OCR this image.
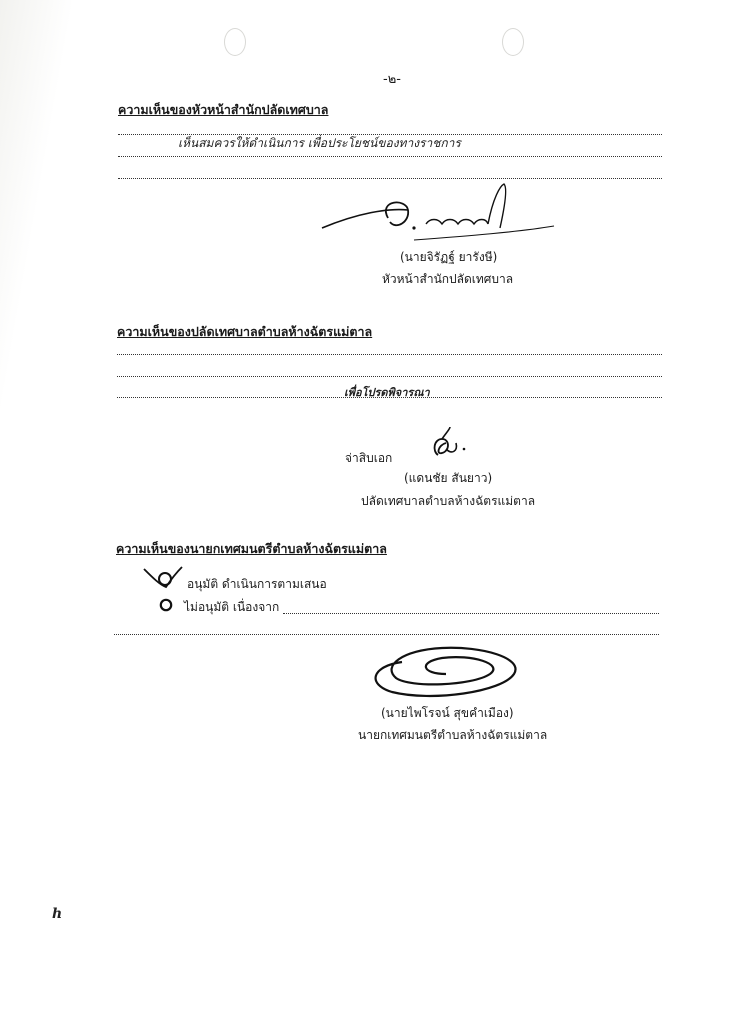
-๒-
ความเห็นของหัวหน้าสำนักปลัดเทศบาล
เห็นสมควรให้ดำเนินการ เพื่อประโยชน์ของทางราชการ
(นายจิรัฏฐ์ ยารังษี)
หัวหน้าสำนักปลัดเทศบาล
ความเห็นของปลัดเทศบาลตำบลห้างฉัตรแม่ตาล
เพื่อโปรดพิจารณา
จ่าสิบเอก
(แดนชัย สันยาว)
ปลัดเทศบาลตำบลห้างฉัตรแม่ตาล
ความเห็นของนายกเทศมนตรีตำบลห้างฉัตรแม่ตาล
อนุมัติ ดำเนินการตามเสนอ
ไม่อนุมัติ เนื่องจาก
(นายไพโรจน์ สุขคำเมือง)
นายกเทศมนตรีตำบลห้างฉัตรแม่ตาล
h
